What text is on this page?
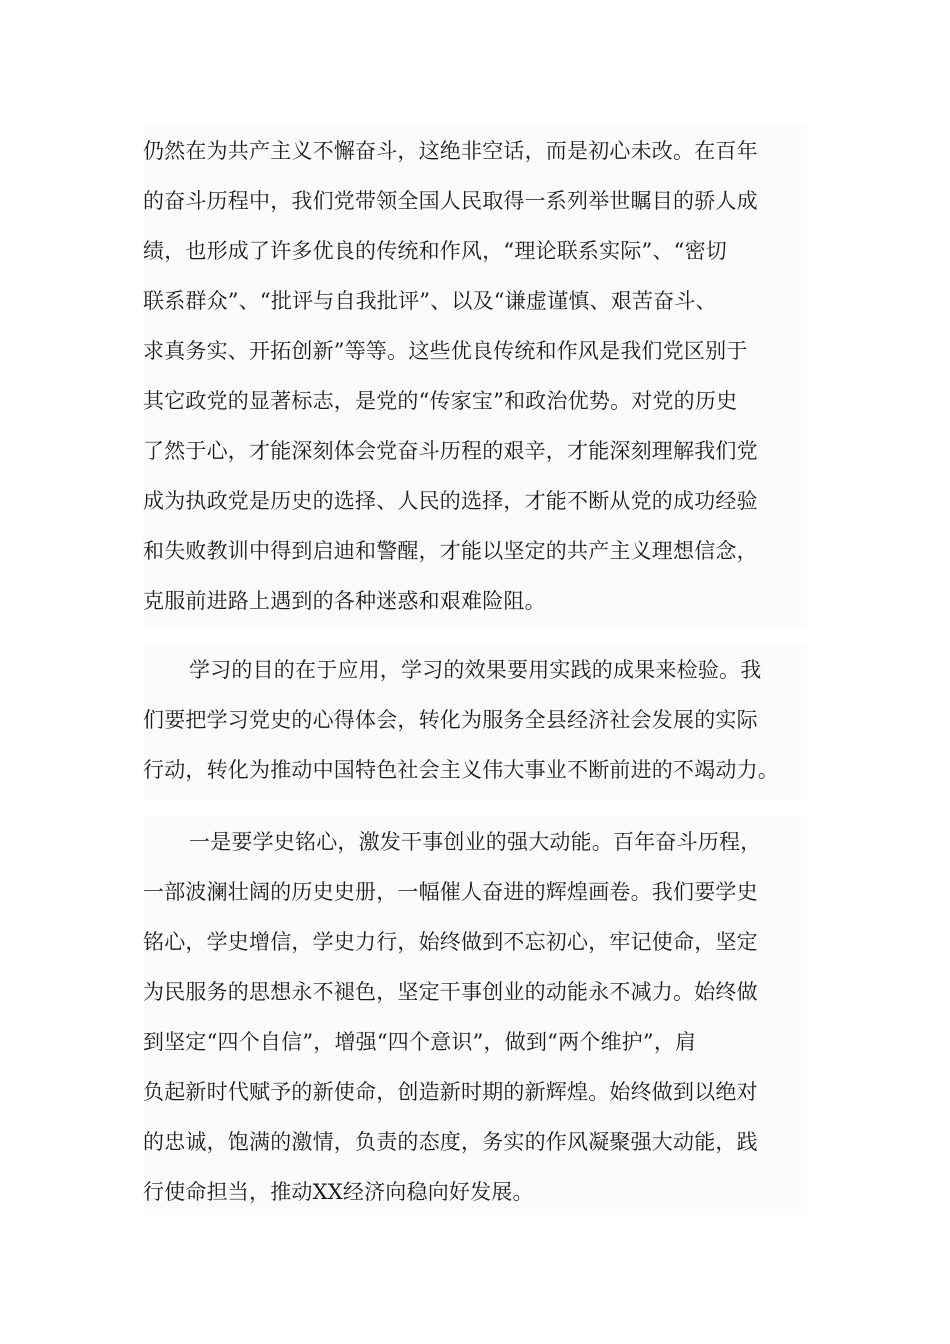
仍然在为共产主义不懈奋斗，这绝非空话，而是初心未改。在百年
的奋斗历程中，我们党带领全国人民取得一系列举世瞩目的骄人成
绩，也形成了许多优良的传统和作风，“理论联系实际”、“密切
联系群众”、“批评与自我批评”、以及“谦虚谨慎、艰苦奋斗、
求真务实、开拓创新”等等。这些优良传统和作风是我们党区别于
其它政党的显著标志，是党的“传家宝”和政治优势。对党的历史
了然于心，才能深刻体会党奋斗历程的艰辛，才能深刻理解我们党
成为执政党是历史的选择、人民的选择，才能不断从党的成功经验
和失败教训中得到启迪和警醒，才能以坚定的共产主义理想信念，
克服前进路上遇到的各种迷惑和艰难险阻。
学习的目的在于应用，学习的效果要用实践的成果来检验。我
们要把学习党史的心得体会，转化为服务全县经济社会发展的实际
行动，转化为推动中国特色社会主义伟大事业不断前进的不竭动力。
一是要学史铭心，激发干事创业的强大动能。百年奋斗历程，
一部波澜壮阔的历史史册，一幅催人奋进的辉煌画卷。我们要学史
铭心，学史增信，学史力行，始终做到不忘初心，牢记使命，坚定
为民服务的思想永不褪色，坚定干事创业的动能永不减力。始终做
到坚定“四个自信”，增强“四个意识”，做到“两个维护”，肩
负起新时代赋予的新使命，创造新时期的新辉煌。始终做到以绝对
的忠诚，饱满的激情，负责的态度，务实的作风凝聚强大动能，践
行使命担当，推动XX经济向稳向好发展。
